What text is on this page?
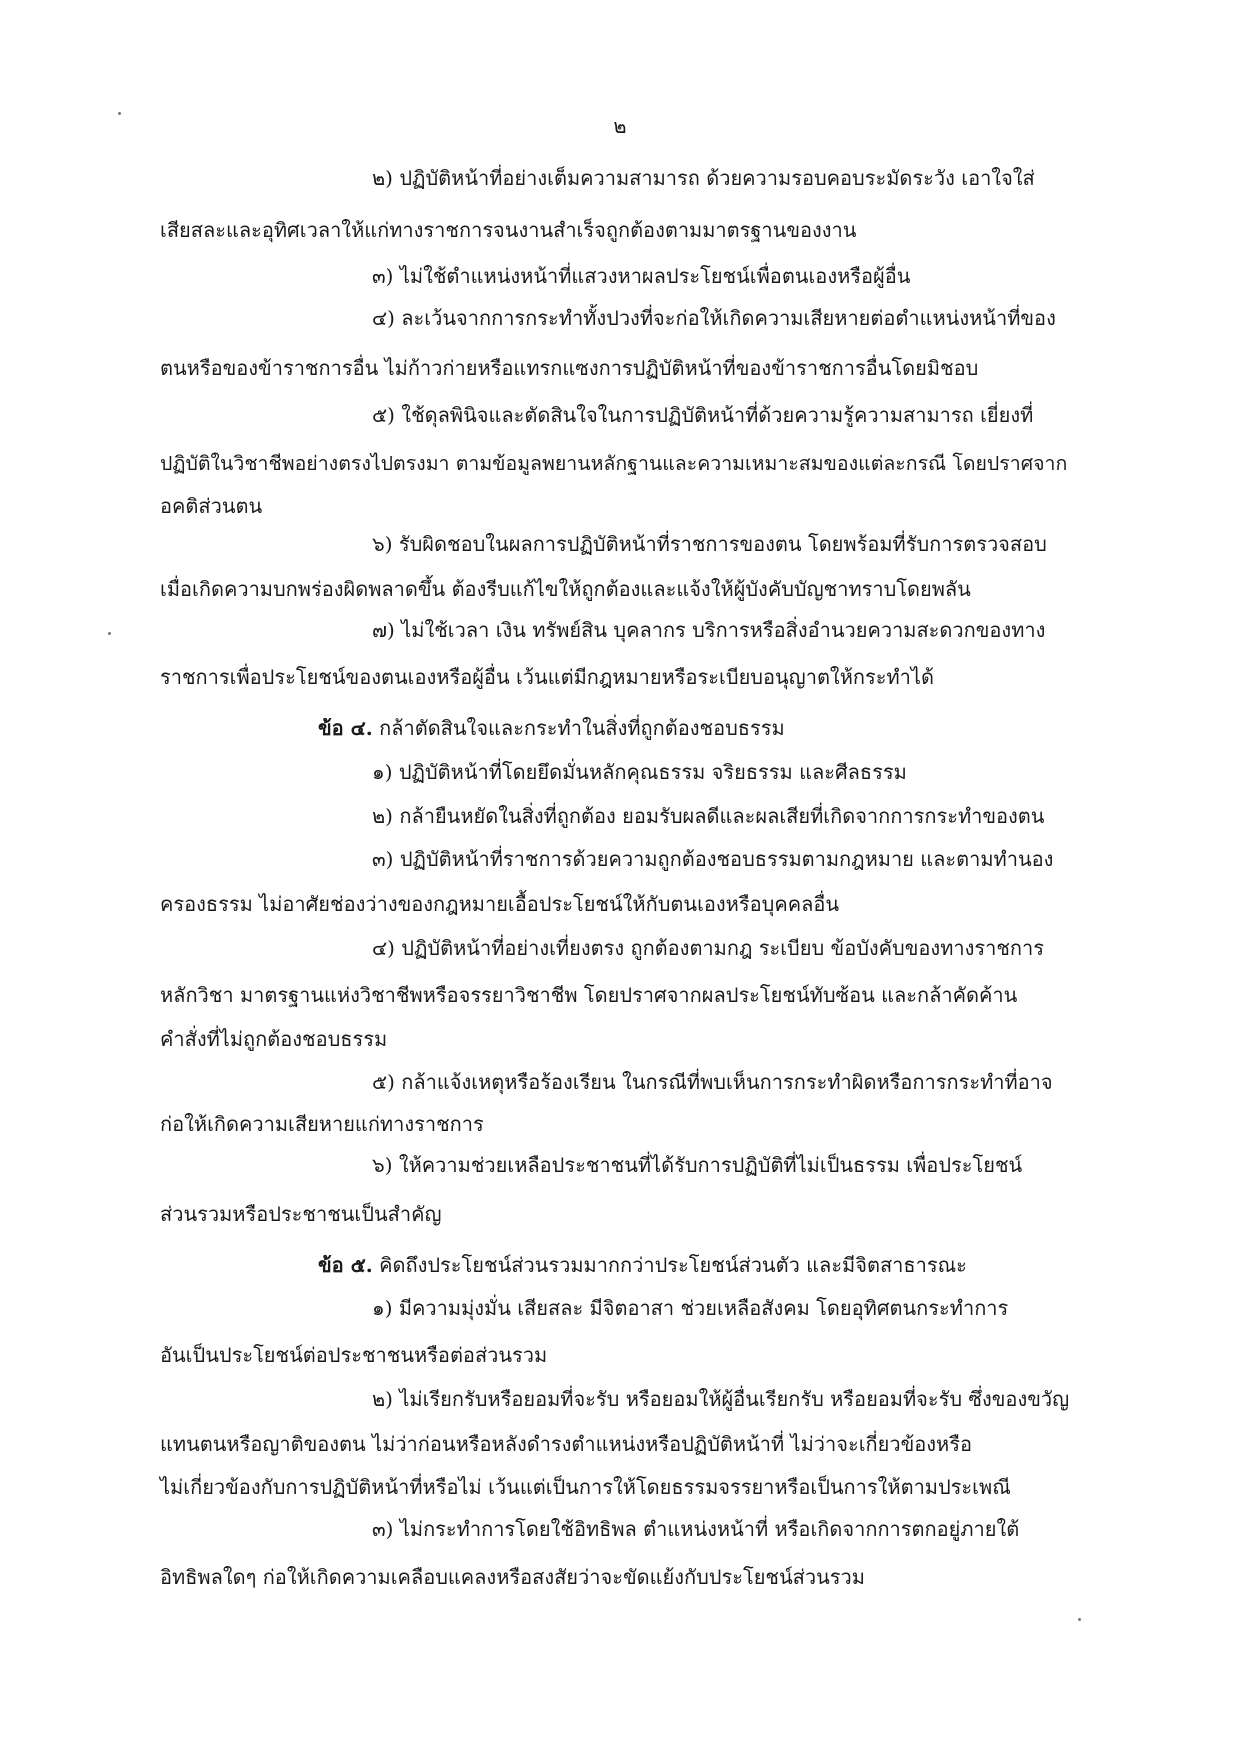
๒

๒) ปฏิบัติหน้าที่อย่างเต็มความสามารถ ด้วยความรอบคอบระมัดระวัง เอาใจใส่

เสียสละและอุทิศเวลาให้แก่ทางราชการจนงานสำเร็จถูกต้องตามมาตรฐานของงาน

๓) ไม่ใช้ตำแหน่งหน้าที่แสวงหาผลประโยชน์เพื่อตนเองหรือผู้อื่น

๔) ละเว้นจากการกระทำทั้งปวงที่จะก่อให้เกิดความเสียหายต่อตำแหน่งหน้าที่ของ

ตนหรือของข้าราชการอื่น ไม่ก้าวก่ายหรือแทรกแซงการปฏิบัติหน้าที่ของข้าราชการอื่นโดยมิชอบ

๕) ใช้ดุลพินิจและตัดสินใจในการปฏิบัติหน้าที่ด้วยความรู้ความสามารถ เยี่ยงที่

ปฏิบัติในวิชาชีพอย่างตรงไปตรงมา ตามข้อมูลพยานหลักฐานและความเหมาะสมของแต่ละกรณี โดยปราศจาก

อคติส่วนตน

๖) รับผิดชอบในผลการปฏิบัติหน้าที่ราชการของตน โดยพร้อมที่รับการตรวจสอบ

เมื่อเกิดความบกพร่องผิดพลาดขึ้น ต้องรีบแก้ไขให้ถูกต้องและแจ้งให้ผู้บังคับบัญชาทราบโดยพลัน

๗) ไม่ใช้เวลา เงิน ทรัพย์สิน บุคลากร บริการหรือสิ่งอำนวยความสะดวกของทาง

ราชการเพื่อประโยชน์ของตนเองหรือผู้อื่น เว้นแต่มีกฎหมายหรือระเบียบอนุญาตให้กระทำได้

ข้อ ๔. กล้าตัดสินใจและกระทำในสิ่งที่ถูกต้องชอบธรรม

๑) ปฏิบัติหน้าที่โดยยึดมั่นหลักคุณธรรม จริยธรรม และศีลธรรม

๒) กล้ายืนหยัดในสิ่งที่ถูกต้อง ยอมรับผลดีและผลเสียที่เกิดจากการกระทำของตน

๓) ปฏิบัติหน้าที่ราชการด้วยความถูกต้องชอบธรรมตามกฎหมาย และตามทำนอง

ครองธรรม ไม่อาศัยช่องว่างของกฎหมายเอื้อประโยชน์ให้กับตนเองหรือบุคคลอื่น

๔) ปฏิบัติหน้าที่อย่างเที่ยงตรง ถูกต้องตามกฎ ระเบียบ ข้อบังคับของทางราชการ

หลักวิชา มาตรฐานแห่งวิชาชีพหรือจรรยาวิชาชีพ โดยปราศจากผลประโยชน์ทับซ้อน และกล้าคัดค้าน

คำสั่งที่ไม่ถูกต้องชอบธรรม

๕) กล้าแจ้งเหตุหรือร้องเรียน ในกรณีที่พบเห็นการกระทำผิดหรือการกระทำที่อาจ

ก่อให้เกิดความเสียหายแก่ทางราชการ

๖) ให้ความช่วยเหลือประชาชนที่ได้รับการปฏิบัติที่ไม่เป็นธรรม เพื่อประโยชน์

ส่วนรวมหรือประชาชนเป็นสำคัญ

ข้อ ๕. คิดถึงประโยชน์ส่วนรวมมากกว่าประโยชน์ส่วนตัว และมีจิตสาธารณะ

๑) มีความมุ่งมั่น เสียสละ มีจิตอาสา ช่วยเหลือสังคม โดยอุทิศตนกระทำการ

อันเป็นประโยชน์ต่อประชาชนหรือต่อส่วนรวม

๒) ไม่เรียกรับหรือยอมที่จะรับ หรือยอมให้ผู้อื่นเรียกรับ หรือยอมที่จะรับ ซึ่งของขวัญ

แทนตนหรือญาติของตน ไม่ว่าก่อนหรือหลังดำรงตำแหน่งหรือปฏิบัติหน้าที่ ไม่ว่าจะเกี่ยวข้องหรือ

ไม่เกี่ยวข้องกับการปฏิบัติหน้าที่หรือไม่ เว้นแต่เป็นการให้โดยธรรมจรรยาหรือเป็นการให้ตามประเพณี

๓) ไม่กระทำการโดยใช้อิทธิพล ตำแหน่งหน้าที่ หรือเกิดจากการตกอยู่ภายใต้

อิทธิพลใดๆ ก่อให้เกิดความเคลือบแคลงหรือสงสัยว่าจะขัดแย้งกับประโยชน์ส่วนรวม
